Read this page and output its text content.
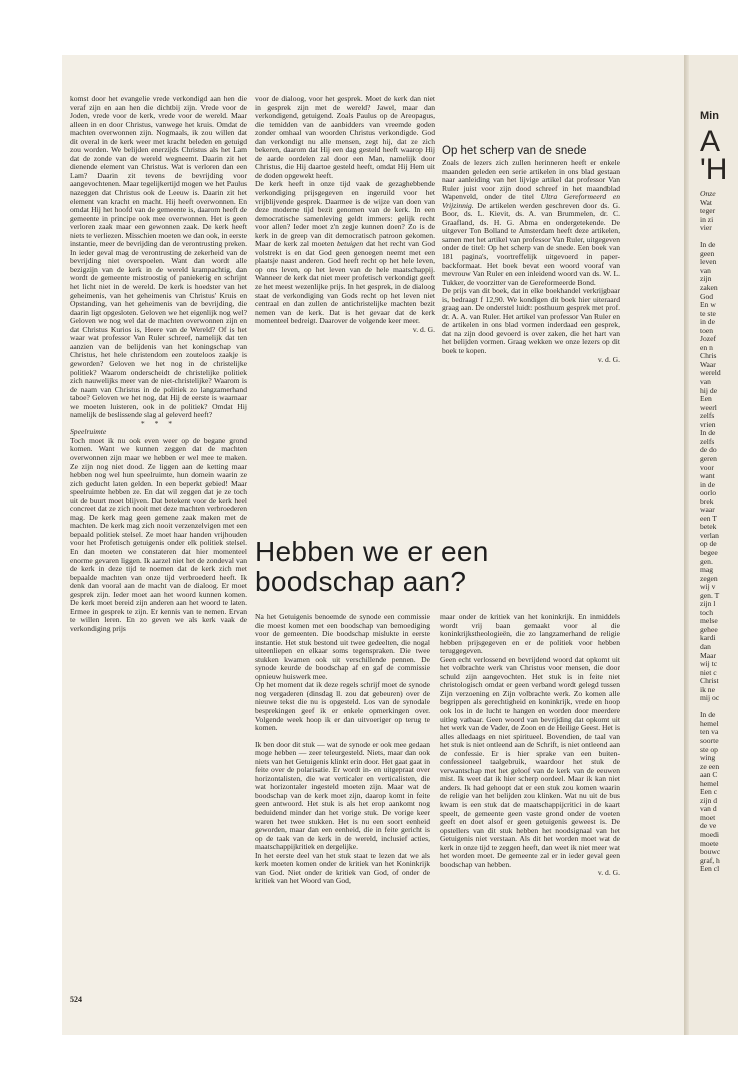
komst door het evangelie vrede verkondigd aan hen die veraf zijn en aan hen die dichtbij zijn. Vrede voor de Joden, vrede voor de kerk, vrede voor de wereld. Maar alleen in en door Christus, vanwege het kruis. Omdat de machten overwonnen zijn. Nogmaals, ik zou willen dat dit overal in de kerk weer met kracht beleden en getuigd zou worden. We belijden enerzijds Christus als het Lam dat de zonde van de wereld wegneemt. Daarin zit het dienende element van Christus. Wat is verloren dan een Lam? Daarin zit tevens de bevrijding voor aangevochtenen. Maar tegelijkertijd mogen we het Paulus nazeggen dat Christus ook de Leeuw is. Daarin zit het element van kracht en macht. Hij heeft overwonnen. En omdat Hij het hoofd van de gemeente is, daarom heeft de gemeente in principe ook mee overwonnen. Het is geen verloren zaak maar een gewonnen zaak. De kerk heeft niets te verliezen. Misschien moeten we dan ook, in eerste instantie, meer de bevrijding dan de verontrusting preken. In ieder geval mag de verontrusting de zekerheid van de bevrijding niet overspoelen. Want dan wordt alle bezigzijn van de kerk in de wereld krampachtig, dan wordt de gemeente mistroostig of paniekerig en schrijnt het licht niet in de wereld. De kerk is hoedster van het geheimenis, van het geheimenis van Christus' Kruis en Opstanding, van het geheimenis van de bevrijding, die daarin ligt opgesloten. Geloven we het eigenlijk nog wel? Geloven we nog wel dat de machten overwonnen zijn en dat Christus Kurios is, Heere van de Wereld? Of is het waar wat professor Van Ruler schreef, namelijk dat ten aanzien van de belijdenis van het koningschap van Christus, het hele christendom een zouteloos zaakje is geworden? Geloven we het nog in de christelijke politiek? Waarom onderscheidt de christelijke politiek zich nauwelijks meer van de niet-christelijke? Waarom is de naam van Christus in de politiek zo langzamerhand taboe? Geloven we het nog, dat Hij de eerste is waarnaar we moeten luisteren, ook in de politiek? Omdat Hij namelijk de beslissende slag al geleverd heeft?

* * *

Speelruimte

Toch moet ik nu ook even weer op de begane grond komen. Want we kunnen zeggen dat de machten overwonnen zijn maar we hebben er wel mee te maken. Ze zijn nog niet dood. Ze liggen aan de ketting maar hebben nog wel hun speelruimte, hun domein waarin ze zich geducht laten gelden. In een beperkt gebied! Maar speelruimte hebben ze. En dat wil zeggen dat je ze toch uit de buurt moet blijven. Dat betekent voor de kerk heel concreet dat ze zich nooit met deze machten verbroederen mag. De kerk mag geen gemene zaak maken met de machten. De kerk mag zich nooit verzenzelvigen met een bepaald politiek stelsel. Ze moet haar handen vrijhouden voor het Profetisch getuigenis onder elk politiek stelsel. En dan moeten we constateren dat hier momenteel enorme gevaren liggen. Ik aarzel niet het de zondeval van de kerk in deze tijd te noemen dat de kerk zich met bepaalde machten van onze tijd verbroederd heeft. Ik denk dan vooral aan de macht van de dialoog. Er moet gesprek zijn. Ieder moet aan het woord kunnen komen. De kerk moet bereid zijn anderen aan het woord te laten. Ermee in gesprek te zijn. Er kennis van te nemen. Ervan te willen leren. En zo geven we als kerk vaak de verkondiging prijs

voor de dialoog, voor het gesprek. Moet de kerk dan niet in gesprek zijn met de wereld? Jawel, maar dan verkondigend, getuigend. Zoals Paulus op de Areopagus, die temidden van de aanbidders van vreemde goden zonder omhaal van woorden Christus verkondigde. God dan verkondigt nu alle mensen, zegt hij, dat ze zich bekeren, daarom dat Hij een dag gesteld heeft waarop Hij de aarde oordelen zal door een Man, namelijk door Christus, die Hij daartoe gesteld heeft, omdat Hij Hem uit de doden opgewekt heeft.

De kerk heeft in onze tijd vaak de gezaghebbende verkondiging prijsgegeven en ingeruild voor het vrijblijvende gesprek. Daarmee is de wijze van doen van deze moderne tijd bezit genomen van de kerk. In een democratische samenleving geldt immers: gelijk recht voor allen? Ieder moet z'n zegje kunnen doen? Zo is de kerk in de greep van dit democratisch patroon gekomen. Maar de kerk zal moeten betuigen dat het recht van God volstrekt is en dat God geen genoegen neemt met een plaatsje naast anderen. God heeft recht op het hele leven, op ons leven, op het leven van de hele maatschappij. Wanneer de kerk dat niet meer profetisch verkondigt geeft ze het meest wezenlijke prijs. In het gesprek, in de dialoog staat de verkondiging van Gods recht op het leven niet centraal en dan zullen de antichristelijke machten bezit nemen van de kerk. Dat is het gevaar dat de kerk momenteel bedreigt. Daarover de volgende keer meer.

v. d. G.

Op het scherp van de snede

Zoals de lezers zich zullen herinneren heeft er enkele maanden geleden een serie artikelen in ons blad gestaan naar aanleiding van het lijvige artikel dat professor Van Ruler juist voor zijn dood schreef in het maandblad Wapenveld, onder de titel Ultra Gereformeerd en Vrijzinnig. De artikelen werden geschreven door ds. G. Boor, ds. L. Kievit, ds. A. van Brummelen, dr. C. Graafland, ds. H. G. Abma en ondergetekende. De uitgever Ton Bolland te Amsterdam heeft deze artikelen, samen met het artikel van professor Van Ruler, uitgegeven onder de titel: Op het scherp van de snede. Een boek van 181 pagina's, voortreffelijk uitgevoerd in paper-backformaat. Het boek bevat een woord vooraf van mevrouw Van Ruler en een inleidend woord van ds. W. L. Tukker, de voorzitter van de Gereformeerde Bond.

De prijs van dit boek, dat in elke boekhandel verkrijgbaar is, bedraagt f 12,90. We kondigen dit boek hier uiteraard graag aan. De onderstel luidt: posthuum gesprek met prof. dr. A. A. van Ruler. Het artikel van professor Van Ruler en de artikelen in ons blad vormen inderdaad een gesprek, dat na zijn dood gevoerd is over zaken, die het hart van het belijden vormen. Graag wekken we onze lezers op dit boek te kopen.

v. d. G.

Hebben we er een boodschap aan?

Na het Getuigenis benoemde de synode een commissie die moest komen met een boodschap van bemoediging voor de gemeenten. Die boodschap mislukte in eerste instantie. Het stuk bestond uit twee gedeelten, die nogal uiteenliepen en elkaar soms tegenspraken. Die twee stukken kwamen ook uit verschillende pennen. De synode keurde de boodschap af en gaf de commissie opnieuw huiswerk mee.

Op het moment dat ik deze regels schrijf moet de synode nog vergaderen (dinsdag ll. zou dat gebeuren) over de nieuwe tekst die nu is opgesteld. Los van de synodale besprekingen geef ik er enkele opmerkingen over. Volgende week hoop ik er dan uitvoeriger op terug te komen.

Ik ben door dit stuk — wat de synode er ook mee gedaan moge hebben — zeer teleurgesteld. Niets, maar dan ook niets van het Getuigenis klinkt erin door. Het gaat gaat in feite over de polarisatie. Er wordt in- en uitgepraat over horizontalisten, die wat verticaler en verticalisten, die wat horizontaler ingesteld moeten zijn. Maar wat de boodschap van de kerk moet zijn, daarop komt in feite geen antwoord. Het stuk is als het erop aankomt nog beduidend minder dan het vorige stuk. De vorige keer waren het twee stukken. Het is nu een soort eenheid geworden, maar dan een eenheid, die in feite gericht is op de taak van de kerk in de wereld, inclusief acties, maatschappijkritiek en dergelijke.

In het eerste deel van het stuk staat te lezen dat we als kerk moeten komen onder de kritiek van het Koninkrijk van God. Niet onder de kritiek van God, of onder de kritiek van het Woord van God,

maar onder de kritiek van het koninkrijk. En inmiddels wordt vrij baan gemaakt voor al die koninkrijkstheologieën, die zo langzamerhand de religie hebben prijsgegeven en er de politiek voor hebben teruggegeven.

Geen echt verlossend en bevrijdend woord dat opkomt uit het volbrachte werk van Christus voor mensen, die door schuld zijn aangevochten. Het stuk is in feite niet christologisch omdat er geen verband wordt gelegd tussen Zijn verzoening en Zijn volbrachte werk. Zo komen alle begrippen als gerechtigheid en koninkrijk, vrede en hoop ook los in de lucht te hangen en worden door meerdere uitleg vatbaar. Geen woord van bevrijding dat opkomt uit het werk van de Vader, de Zoon en de Heilige Geest. Het is alles alledaags en niet spiritueel. Bovendien, de taal van het stuk is niet ontleend aan de Schrift, is niet ontleend aan de confessie. Er is hier sprake van een buiten-confessioneel taalgebruik, waardoor het stuk de verwantschap met het geloof van de kerk van de eeuwen mist. Ik weet dat ik hier scherp oordeel. Maar ik kan niet anders. Ik had gehoopt dat er een stuk zou komen waarin de religie van het belijden zou klinken. Wat nu uit de bus kwam is een stuk dat de maatschappijcritici in de kaart speelt, de gemeente geen vaste grond onder de voeten geeft en doet alsof er geen getuigenis geweest is. De opstellers van dit stuk hebben het noodsignaal van het Getuigenis niet verstaan. Als dit het worden moet wat de kerk in onze tijd te zeggen heeft, dan weet ik niet meer wat het worden moet. De gemeente zal er in ieder geval geen boodschap van hebben.

v. d. G.

524
Min
A
'H
Onze
Wat
teger
in zi
vier

In de
geen
leven
van
zijn
zaken
God
En w
te ste
in de
toen
Jozef
en n
Chris
Waar
wereld
van
hij de
Een
weerl
zelfs
vrien
In de
zelfs
de do
geren
voor
want
in de
oorlo
brek
waar
een T
betek
verlan
op de
begee
gen.
mag
zegen
wij v
gen. T
zijn l
toch
melse
gehee
kardi
dan
Maar
wij tc
niet c
Christ
ik ne
mij oc

In de
hemel
ten va
soorte
ste op
wing
ze een
aan C
hemel
Een c
zijn d
van d
moet
de ve
moedi
moete
bouwc
graf, h
Een cl
